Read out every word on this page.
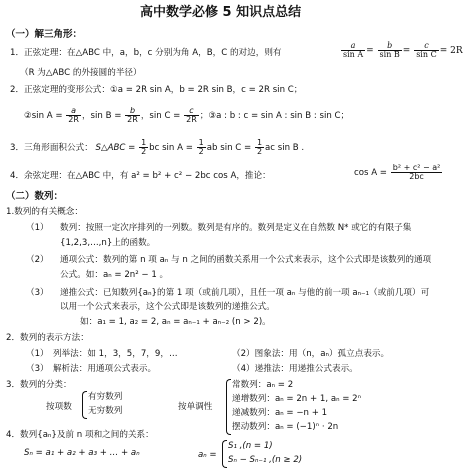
高中数学必修 5 知识点总结
（一）解三角形：
1．正弦定理：在△ABC 中，a，b，c 分别为角 A，B，C 的对边，则有	$\frac{a}{\text{sin A}} = \frac{b}{\text{sin B}} = \frac{c}{\text{sin C}} = 2R$
（R 为△ABC 的外接圆的半径）
2．正弦定理的变形公式：①a = 2R sin A，b = 2R sin B，c = 2R sin C；
②sin $A = \frac{a}{2R}$ ，$\sin B = \frac{b}{2R}$ ，$\sin C = \frac{c}{2R}$ ；③a : b : c = sin A : sin B : sin C；
3．三角形面积公式： S△ABC = $\frac{1}{2}$ bc $\sin A = \frac{1}{2}$ ab $\sin C = \frac{1}{2}$ ac sin B .
4．余弦定理：在△ABC 中，有 a² = b² + c² − 2bc cos A，推论：	$\cos A = \frac{\text{b² + c² − a²}}{2bc}$
（二）数列：
1.数列的有关概念：
（1） 数列：按照一定次序排列的一列数。数列是有序的。数列是定义在自然数 N* 或它的有限子集
{1,2,3,…,n}上的函数。
（2） 通项公式：数列的第 n 项 aₙ 与 n 之间的函数关系用一个公式来表示，这个公式即是该数列的通项
公式。如：aₙ = 2n² − 1 。
（3） 递推公式：已知数列{aₙ}的第 1 项（或前几项），且任一项 aₙ 与他的前一项 aₙ₋₁（或前几项）可
以用一个公式来表示，这个公式即是该数列的递推公式。
如：a₁ = 1, a₂ = 2, aₙ = aₙ₋₁ + aₙ₋₂ (n > 2)。
2．数列的表示方法：
（1）　列举法：如 1，3，5，7，9，…	（2）图象法：用（n，aₙ）孤立点表示。
（3）　解析法：用通项公式表示。	（4）递推法：用递推公式表示。
3．数列的分类：
按项数
有穷数列
无穷数列	按单调性
常数列：aₙ = 2
递增数列：aₙ = 2n + 1, aₙ = 2ⁿ
递减数列：aₙ = −n + 1
摆动数列：aₙ = (−1)ⁿ · 2n
4．数列{aₙ}及前 n 项和之间的关系：
Sₙ = a₁ + a₂ + a₃ + … + aₙ	aₙ =
S₁ ,(n = 1)
Sₙ − Sₙ₋₁ ,(n ≥ 2)
